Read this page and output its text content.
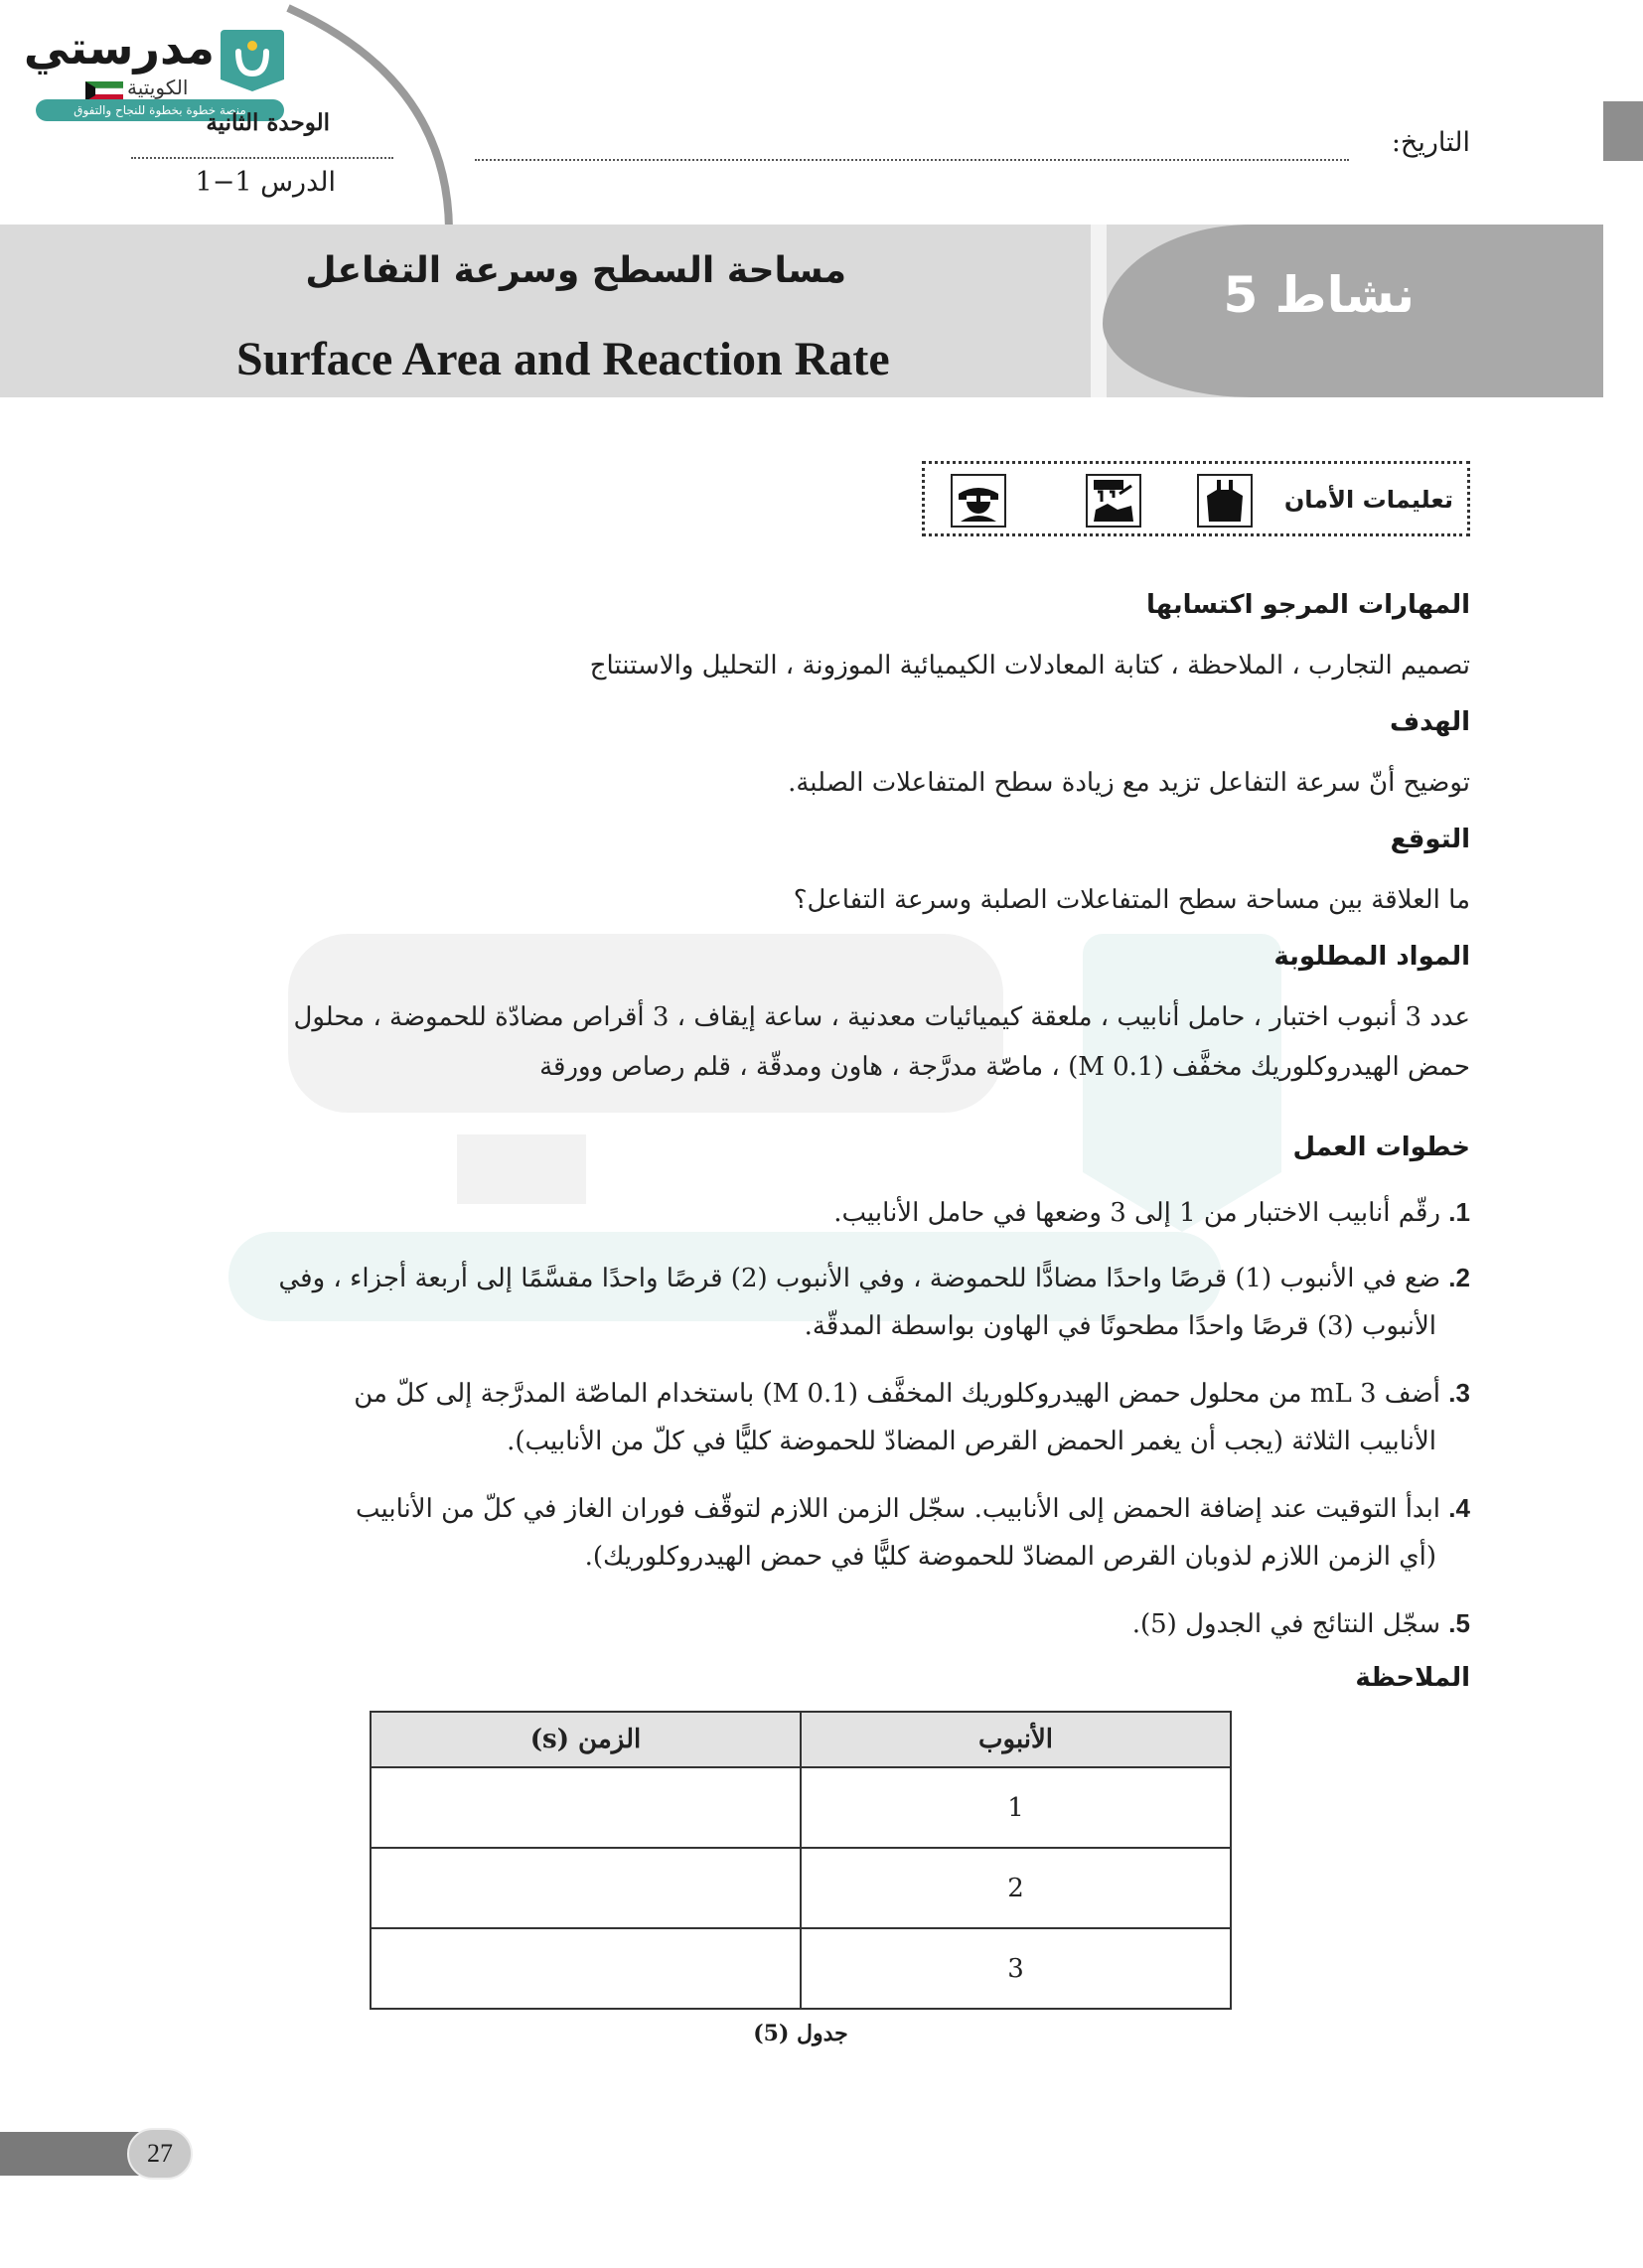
مدرستي
الكويتية
منصة خطوة بخطوة للنجاح والتفوق
الوحدة الثانية
الدرس 1−1
التاريخ:
نشاط 5
مساحة السطح وسرعة التفاعل
Surface Area and Reaction Rate
تعليمات الأمان
المهارات المرجو اكتسابها
تصميم التجارب ، الملاحظة ، كتابة المعادلات الكيميائية الموزونة ، التحليل والاستنتاج
الهدف
توضيح أنّ سرعة التفاعل تزيد مع زيادة سطح المتفاعلات الصلبة.
التوقع
ما العلاقة بين مساحة سطح المتفاعلات الصلبة وسرعة التفاعل؟
المواد المطلوبة
عدد 3 أنبوب اختبار ، حامل أنابيب ، ملعقة كيميائيات معدنية ، ساعة إيقاف ، 3 أقراص مضادّة للحموضة ، محلول
حمض الهيدروكلوريك مخفَّف (0.1 M) ، ماصّة مدرَّجة ، هاون ومدقّة ، قلم رصاص وورقة
خطوات العمل
1. رقّم أنابيب الاختبار من 1 إلى 3 وضعها في حامل الأنابيب.
2. ضع في الأنبوب (1) قرصًا واحدًا مضادًّا للحموضة ، وفي الأنبوب (2) قرصًا واحدًا مقسَّمًا إلى أربعة أجزاء ، وفي
الأنبوب (3) قرصًا واحدًا مطحونًا في الهاون بواسطة المدقّة.
3. أضف 3 mL من محلول حمض الهيدروكلوريك المخفَّف (0.1 M) باستخدام الماصّة المدرَّجة إلى كلّ من
الأنابيب الثلاثة (يجب أن يغمر الحمض القرص المضادّ للحموضة كليًّا في كلّ من الأنابيب).
4. ابدأ التوقيت عند إضافة الحمض إلى الأنابيب. سجّل الزمن اللازم لتوقّف فوران الغاز في كلّ من الأنابيب
(أي الزمن اللازم لذوبان القرص المضادّ للحموضة كليًّا في حمض الهيدروكلوريك).
5. سجّل النتائج في الجدول (5).
الملاحظة
الأنبوب	الزمن (s)
1	
2	
3	
جدول (5)
27
